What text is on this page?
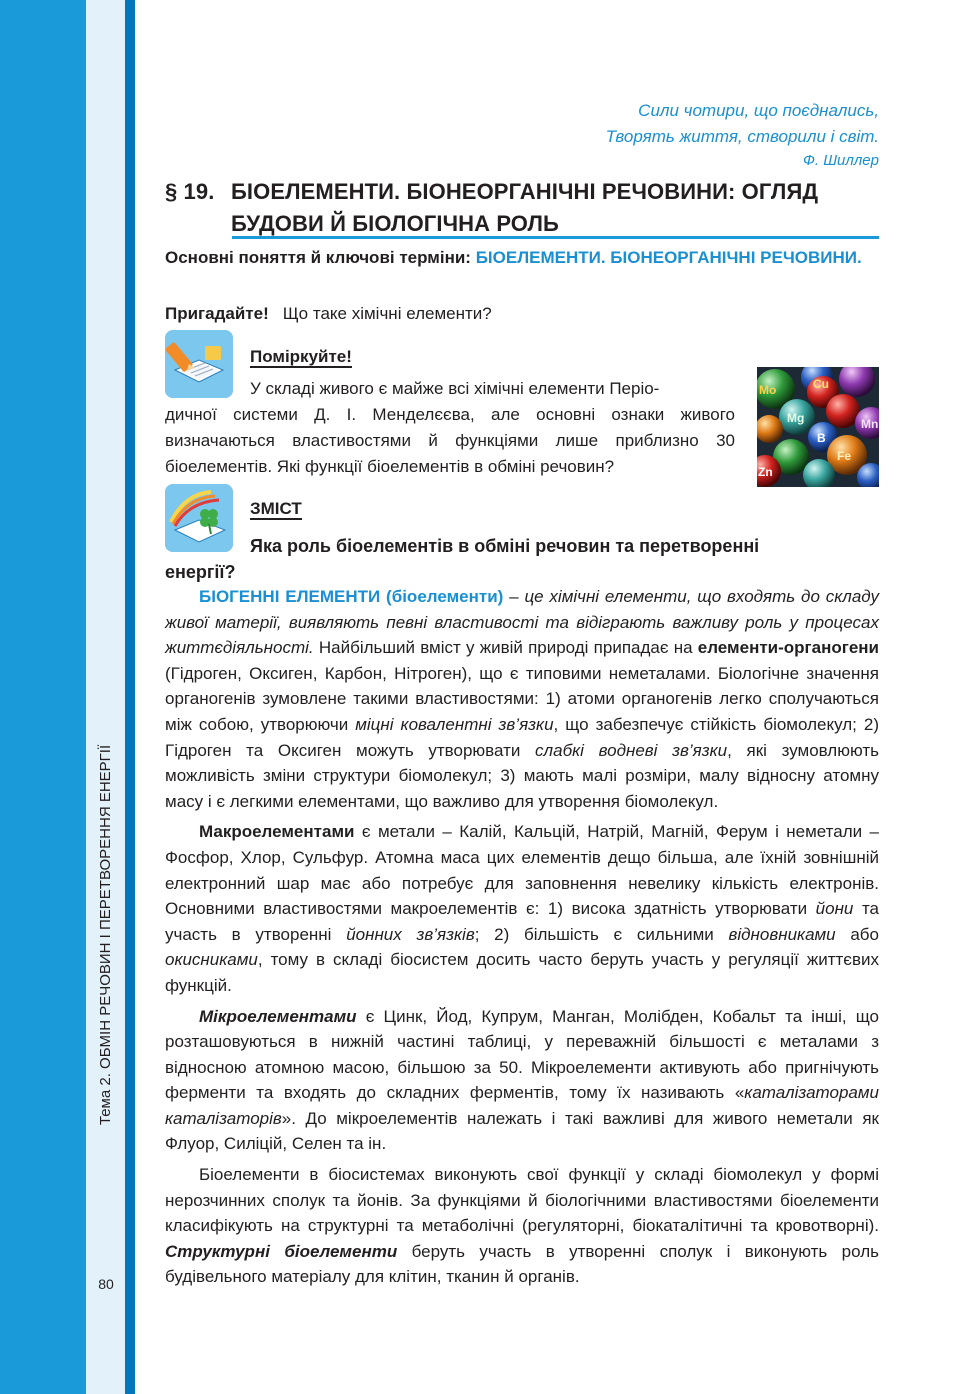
Тема 2. ОБМІН РЕЧОВИН І ПЕРЕТВОРЕННЯ ЕНЕРГІЇ
80
Сили чотири, що поєднались,
Творять життя, створили і світ.
Ф. Шиллер
§ 19. БІОЕЛЕМЕНТИ. БІОНЕОРГАНІЧНІ РЕЧОВИНИ: ОГЛЯД
БУДОВИ Й БІОЛОГІЧНА РОЛЬ
Основні поняття й ключові терміни: БІОЕЛЕМЕНТИ. БІОНЕОРГАНІЧНІ РЕЧОВИНИ.
Пригадайте! Що таке хімічні елементи?
Поміркуйте!
У складі живого є майже всі хімічні елементи Періо-
дичної системи Д. І. Менделєєва, але основні ознаки живого визначаються властивостями й функціями лише приблизно 30 біоелементів. Які функції біоелементів в обміні речовин?
Mo	Cu
Mg	Mn
B
Fe
Zn
ЗМІСТ
Яка роль біоелементів в обміні речовин та перетворенні
енергії?

БІОГЕННІ ЕЛЕМЕНТИ (біоелементи) – це хімічні елементи, що входять до складу живої матерії, виявляють певні властивості та відіграють важливу роль у процесах життєдіяльності. Найбільший вміст у живій природі припадає на елементи-органогени (Гідроген, Оксиген, Карбон, Нітроген), що є типовими неметалами. Біологічне значення органогенів зумовлене такими властивостями: 1) атоми органогенів легко сполучаються між собою, утворюючи міцні ковалентні зв’язки, що забезпечує стійкість біомолекул; 2) Гідроген та Оксиген можуть утворювати слабкі водневі зв’язки, які зумовлюють можливість зміни структури біомолекул; 3) мають малі розміри, малу відносну атомну масу і є легкими елементами, що важливо для утворення біомолекул.

Макроелементами є метали – Калій, Кальцій, Натрій, Магній, Ферум і неметали – Фосфор, Хлор, Сульфур. Атомна маса цих елементів дещо більша, але їхній зовнішній електронний шар має або потребує для заповнення невелику кількість електронів. Основними властивостями макроелементів є: 1) висока здатність утворювати йони та участь в утворенні йонних зв’язків; 2) більшість є сильними відновниками або окисниками, тому в складі біосистем досить часто беруть участь у регуляції життєвих функцій.

Мікроелементами є Цинк, Йод, Купрум, Манган, Молібден, Кобальт та інші, що розташовуються в нижній частині таблиці, у переважній більшості є металами з відносною атомною масою, більшою за 50. Мікроелементи активують або пригнічують ферменти та входять до складних ферментів, тому їх називають «каталізаторами каталізаторів». До мікроелементів належать і такі важливі для живого неметали як Флуор, Силіцій, Селен та ін.

Біоелементи в біосистемах виконують свої функції у складі біомолекул у формі нерозчинних сполук та йонів. За функціями й біологічними властивостями біоелементи класифікують на структурні та метаболічні (регуляторні, біокаталітичні та кровотворні). Структурні біоелементи беруть участь в утворенні сполук і виконують роль будівельного матеріалу для клітин, тканин й органів.
